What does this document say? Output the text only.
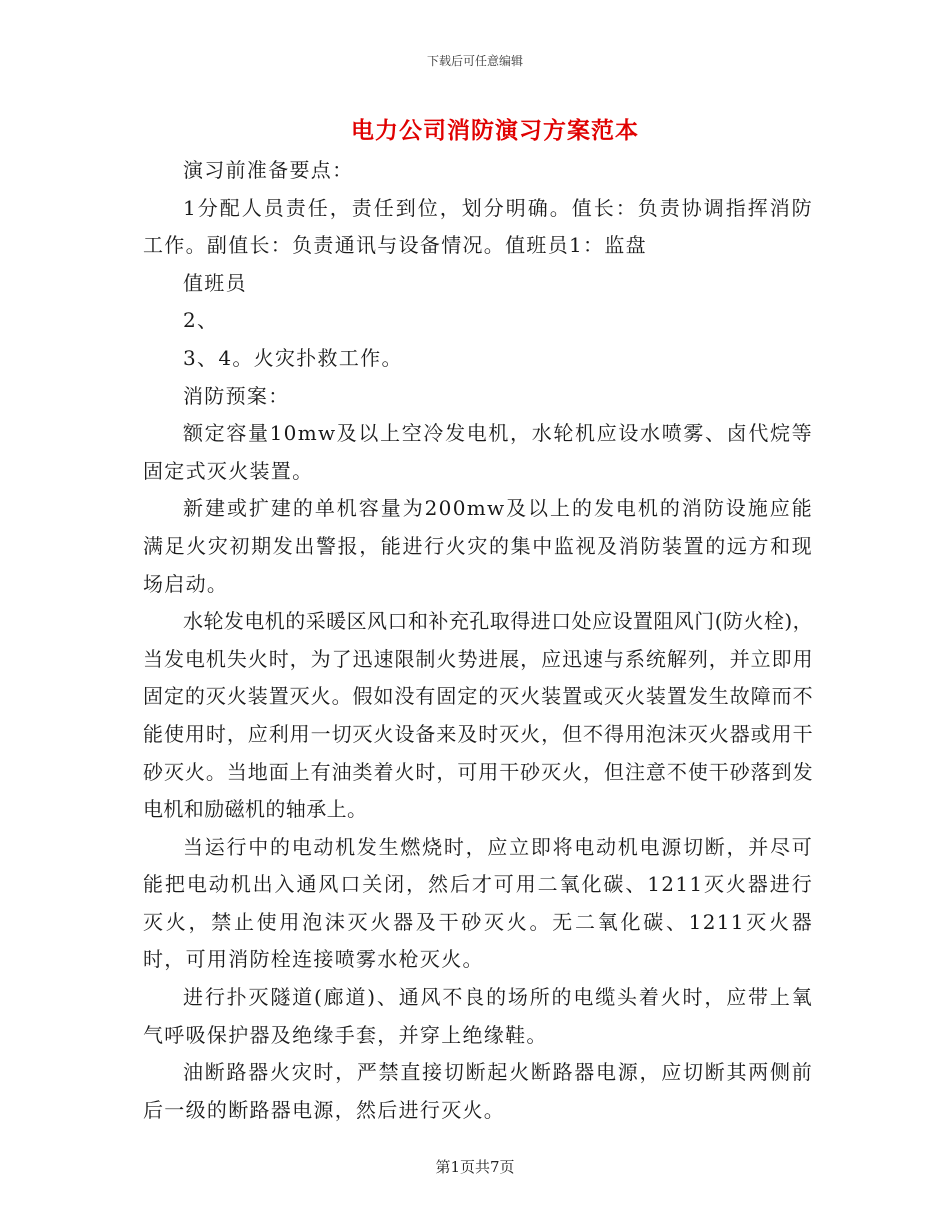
下载后可任意编辑
电力公司消防演习方案范本

演习前准备要点：

1分配人员责任，责任到位，划分明确。值长：负责协调指挥消防工作。副值长：负责通讯与设备情况。值班员1：监盘

值班员

2、

3、4。火灾扑救工作。

消防预案：

额定容量10mw及以上空冷发电机，水轮机应设水喷雾、卤代烷等固定式灭火装置。

新建或扩建的单机容量为200mw及以上的发电机的消防设施应能满足火灾初期发出警报，能进行火灾的集中监视及消防装置的远方和现场启动。

水轮发电机的采暖区风口和补充孔取得进口处应设置阻风门(防火栓)，当发电机失火时，为了迅速限制火势进展，应迅速与系统解列，并立即用固定的灭火装置灭火。假如没有固定的灭火装置或灭火装置发生故障而不能使用时，应利用一切灭火设备来及时灭火，但不得用泡沫灭火器或用干砂灭火。当地面上有油类着火时，可用干砂灭火，但注意不使干砂落到发电机和励磁机的轴承上。

当运行中的电动机发生燃烧时，应立即将电动机电源切断，并尽可能把电动机出入通风口关闭，然后才可用二氧化碳、1211灭火器进行灭火，禁止使用泡沫灭火器及干砂灭火。无二氧化碳、1211灭火器时，可用消防栓连接喷雾水枪灭火。

进行扑灭隧道(廊道)、通风不良的场所的电缆头着火时，应带上氧气呼吸保护器及绝缘手套，并穿上绝缘鞋。

油断路器火灾时，严禁直接切断起火断路器电源，应切断其两侧前后一级的断路器电源，然后进行灭火。

第1页共7页
